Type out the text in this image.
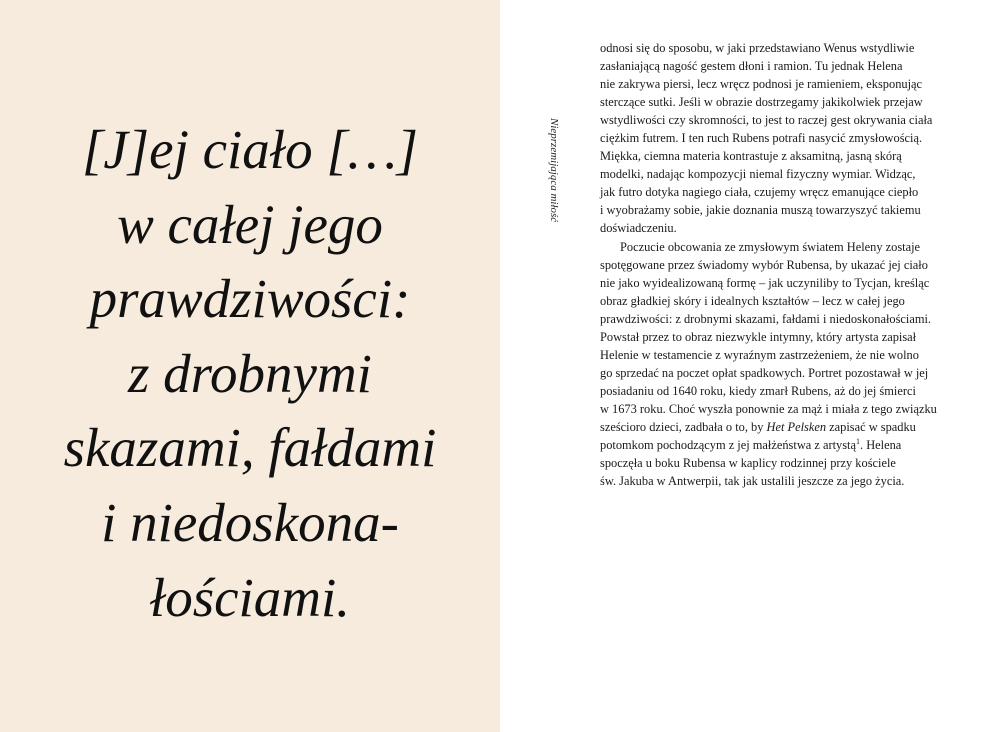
[J]ej ciało […]
w całej jego
prawdziwości:
z drobnymi
skazami, fałdami
i niedoskona-
łościami.
Nieprzemijająca miłość
odnosi się do sposobu, w jaki przedstawiano Wenus wstydliwie
zasłaniającą nagość gestem dłoni i ramion. Tu jednak Helena
nie zakrywa piersi, lecz wręcz podnosi je ramieniem, eksponując
sterczące sutki. Jeśli w obrazie dostrzegamy jakikolwiek przejaw
wstydliwości czy skromności, to jest to raczej gest okrywania ciała
ciężkim futrem. I ten ruch Rubens potrafi nasycić zmysłowością.
Miękka, ciemna materia kontrastuje z aksamitną, jasną skórą
modelki, nadając kompozycji niemal fizyczny wymiar. Widząc,
jak futro dotyka nagiego ciała, czujemy wręcz emanujące ciepło
i wyobrażamy sobie, jakie doznania muszą towarzyszyć takiemu
doświadczeniu.
Poczucie obcowania ze zmysłowym światem Heleny zostaje
spotęgowane przez świadomy wybór Rubensa, by ukazać jej ciało
nie jako wyidealizowaną formę – jak uczyniliby to Tycjan, kreśląc
obraz gładkiej skóry i idealnych kształtów – lecz w całej jego
prawdziwości: z drobnymi skazami, fałdami i niedoskonałościami.
Powstał przez to obraz niezwykle intymny, który artysta zapisał
Helenie w testamencie z wyraźnym zastrzeżeniem, że nie wolno
go sprzedać na poczet opłat spadkowych. Portret pozostawał w jej
posiadaniu od 1640 roku, kiedy zmarł Rubens, aż do jej śmierci
w 1673 roku. Choć wyszła ponownie za mąż i miała z tego związku
sześcioro dzieci, zadbała o to, by Het Pelsken zapisać w spadku
potomkom pochodzącym z jej małżeństwa z artystą$^1$. Helena
spoczęła u boku Rubensa w kaplicy rodzinnej przy kościele
św. Jakuba w Antwerpii, tak jak ustalili jeszcze za jego życia.
